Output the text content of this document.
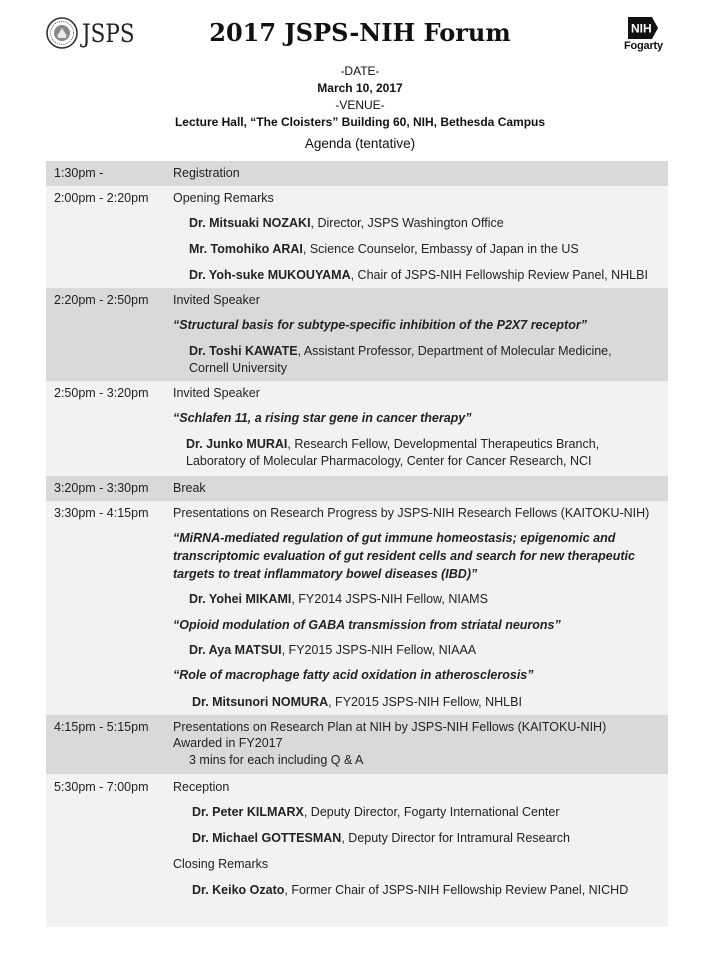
JSPS	2017 JSPS-NIH Forum	NIH
Fogarty
-DATE-
March 10, 2017
-VENUE-
Lecture Hall, “The Cloisters” Building 60, NIH, Bethesda Campus
Agenda (tentative)
1:30pm -	Registration
2:00pm - 2:20pm Opening Remarks
Dr. Mitsuaki NOZAKI, Director, JSPS Washington Office
Mr. Tomohiko ARAI, Science Counselor, Embassy of Japan in the US
Dr. Yoh-suke MUKOUYAMA, Chair of JSPS-NIH Fellowship Review Panel, NHLBI
2:20pm - 2:50pm Invited Speaker
“Structural basis for subtype-specific inhibition of the P2X7 receptor”
Dr. Toshi KAWATE, Assistant Professor, Department of Molecular Medicine,
Cornell University
2:50pm - 3:20pm Invited Speaker
“Schlafen 11, a rising star gene in cancer therapy”
Dr. Junko MURAI, Research Fellow, Developmental Therapeutics Branch,
Laboratory of Molecular Pharmacology, Center for Cancer Research, NCI
3:20pm - 3:30pm Break
3:30pm - 4:15pm Presentations on Research Progress by JSPS-NIH Research Fellows (KAITOKU-NIH)
“MiRNA-mediated regulation of gut immune homeostasis; epigenomic and
transcriptomic evaluation of gut resident cells and search for new therapeutic
targets to treat inflammatory bowel diseases (IBD)”
Dr. Yohei MIKAMI, FY2014 JSPS-NIH Fellow, NIAMS
“Opioid modulation of GABA transmission from striatal neurons”
Dr. Aya MATSUI, FY2015 JSPS-NIH Fellow, NIAAA
“Role of macrophage fatty acid oxidation in atherosclerosis”
Dr. Mitsunori NOMURA, FY2015 JSPS-NIH Fellow, NHLBI
4:15pm - 5:15pm Presentations on Research Plan at NIH by JSPS-NIH Fellows (KAITOKU-NIH)
Awarded in FY2017
3 mins for each including Q & A
5:30pm - 7:00pm Reception
Dr. Peter KILMARX, Deputy Director, Fogarty International Center
Dr. Michael GOTTESMAN, Deputy Director for Intramural Research
Closing Remarks
Dr. Keiko Ozato, Former Chair of JSPS-NIH Fellowship Review Panel, NICHD
